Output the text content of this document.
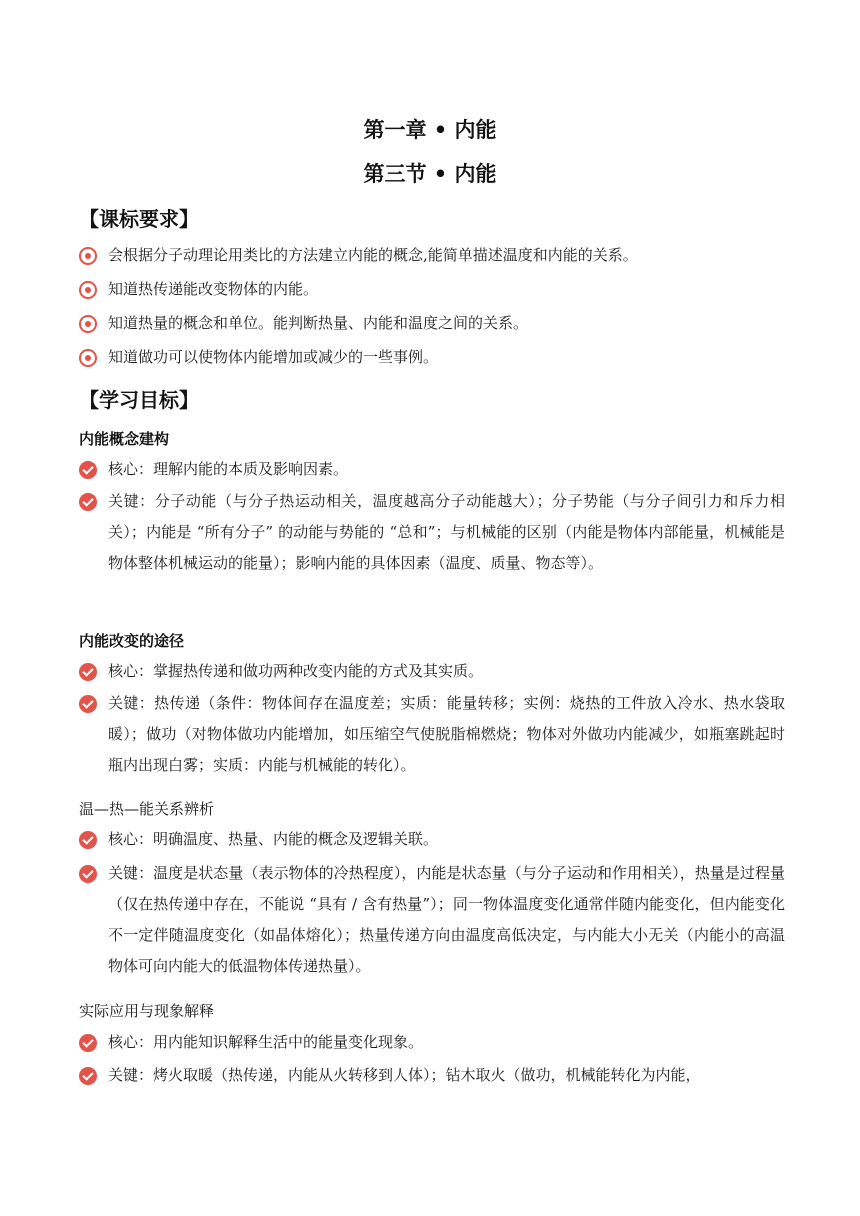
第一章 • 内能
第三节 • 内能
【课标要求】
会根据分子动理论用类比的方法建立内能的概念,能简单描述温度和内能的关系。
知道热传递能改变物体的内能。
知道热量的概念和单位。能判断热量、内能和温度之间的关系。
知道做功可以使物体内能增加或减少的一些事例。
【学习目标】
内能概念建构
核心：理解内能的本质及影响因素。
关键：分子动能（与分子热运动相关，温度越高分子动能越大）；分子势能（与分子间引力和斥力相关）；内能是 “所有分子” 的动能与势能的 “总和”；与机械能的区别（内能是物体内部能量，机械能是物体整体机械运动的能量）；影响内能的具体因素（温度、质量、物态等）。
内能改变的途径
核心：掌握热传递和做功两种改变内能的方式及其实质。
关键：热传递（条件：物体间存在温度差；实质：能量转移；实例：烧热的工件放入冷水、热水袋取暖）；做功（对物体做功内能增加，如压缩空气使脱脂棉燃烧；物体对外做功内能减少，如瓶塞跳起时瓶内出现白雾；实质：内能与机械能的转化）。
温—热—能关系辨析
核心：明确温度、热量、内能的概念及逻辑关联。
关键：温度是状态量（表示物体的冷热程度），内能是状态量（与分子运动和作用相关），热量是过程量（仅在热传递中存在，不能说 “具有 / 含有热量”）；同一物体温度变化通常伴随内能变化，但内能变化不一定伴随温度变化（如晶体熔化）；热量传递方向由温度高低决定，与内能大小无关（内能小的高温物体可向内能大的低温物体传递热量）。
实际应用与现象解释
核心：用内能知识解释生活中的能量变化现象。
关键：烤火取暖（热传递，内能从火转移到人体）；钻木取火（做功，机械能转化为内能，
